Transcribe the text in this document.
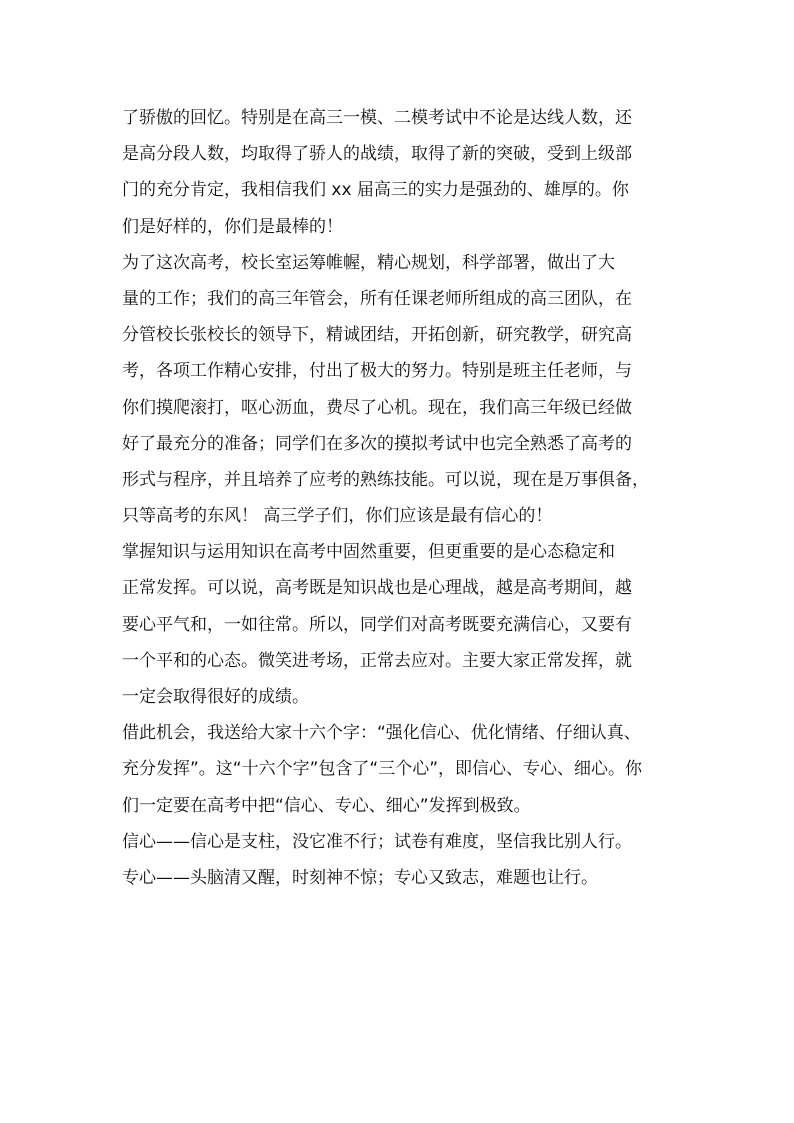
了骄傲的回忆。特别是在高三一模、二模考试中不论是达线人数，还
是高分段人数，均取得了骄人的战绩，取得了新的突破，受到上级部
门的充分肯定，我相信我们 xx 届高三的实力是强劲的、雄厚的。你
们是好样的，你们是最棒的！
为了这次高考，校长室运筹帷幄，精心规划，科学部署，做出了大
量的工作；我们的高三年管会，所有任课老师所组成的高三团队，在
分管校长张校长的领导下，精诚团结，开拓创新，研究教学，研究高
考，各项工作精心安排，付出了极大的努力。特别是班主任老师，与
你们摸爬滚打，呕心沥血，费尽了心机。现在，我们高三年级已经做
好了最充分的准备；同学们在多次的摸拟考试中也完全熟悉了高考的
形式与程序，并且培养了应考的熟练技能。可以说，现在是万事俱备，
只等高考的东风！ 高三学子们，你们应该是最有信心的！
掌握知识与运用知识在高考中固然重要，但更重要的是心态稳定和
正常发挥。可以说，高考既是知识战也是心理战，越是高考期间，越
要心平气和，一如往常。所以，同学们对高考既要充满信心，又要有
一个平和的心态。微笑进考场，正常去应对。主要大家正常发挥，就
一定会取得很好的成绩。
借此机会，我送给大家十六个字：“强化信心、优化情绪、仔细认真、
充分发挥”。这“十六个字”包含了“三个心”，即信心、专心、细心。你
们一定要在高考中把“信心、专心、细心”发挥到极致。
信心——信心是支柱，没它准不行；试卷有难度，坚信我比别人行。
专心——头脑清又醒，时刻神不惊；专心又致志，难题也让行。
